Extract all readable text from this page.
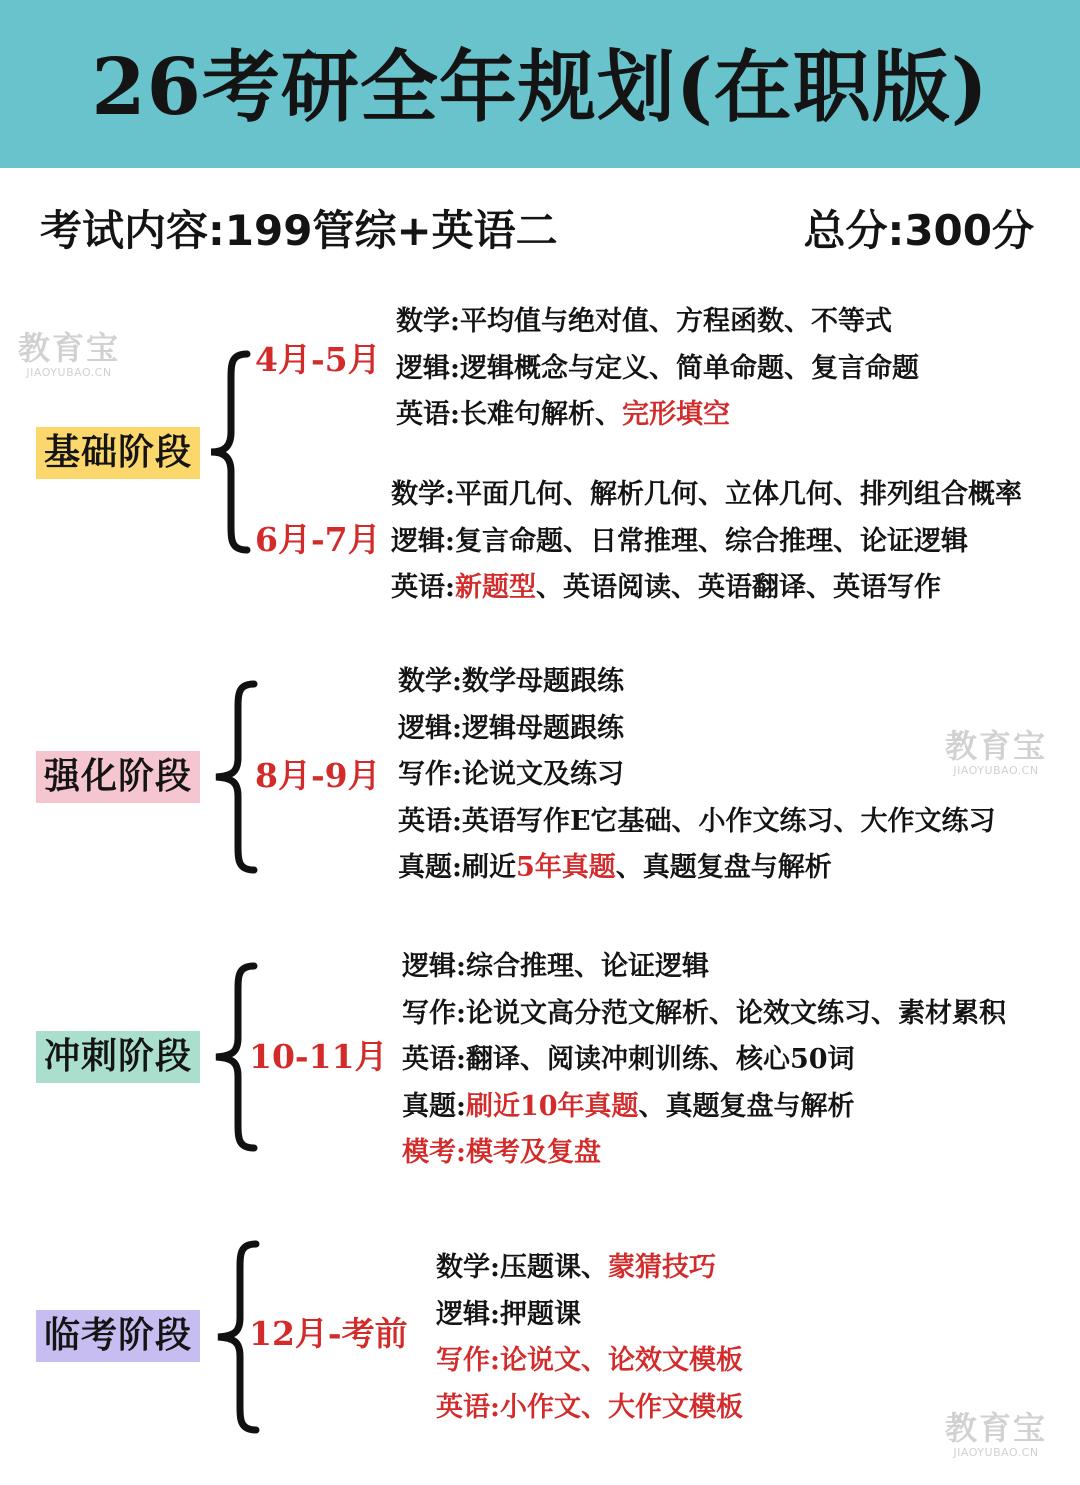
26考研全年规划(在职版)
考试内容:199管综+英语二	总分:300分
教育宝
JIAOYUBAO.CN
教育宝
JIAOYUBAO.CN
教育宝
JIAOYUBAO.CN
基础阶段
4月-5月
6月-7月
数学:平均值与绝对值、方程函数、不等式
逻辑:逻辑概念与定义、简单命题、复言命题
英语:长难句解析、完形填空
数学:平面几何、解析几何、立体几何、排列组合概率
逻辑:复言命题、日常推理、综合推理、论证逻辑
英语:新题型、英语阅读、英语翻译、英语写作
强化阶段 8月-9月
数学:数学母题跟练
逻辑:逻辑母题跟练
写作:论说文及练习
英语:英语写作E它基础、小作文练习、大作文练习
真题:刷近5年真题、真题复盘与解析
冲刺阶段 10-11月
逻辑:综合推理、论证逻辑
写作:论说文高分范文解析、论效文练习、素材累积
英语:翻译、阅读冲刺训练、核心50词
真题:刷近10年真题、真题复盘与解析
模考:模考及复盘
临考阶段 12月-考前
数学:压题课、蒙猜技巧
逻辑:押题课
写作:论说文、论效文模板
英语:小作文、大作文模板
